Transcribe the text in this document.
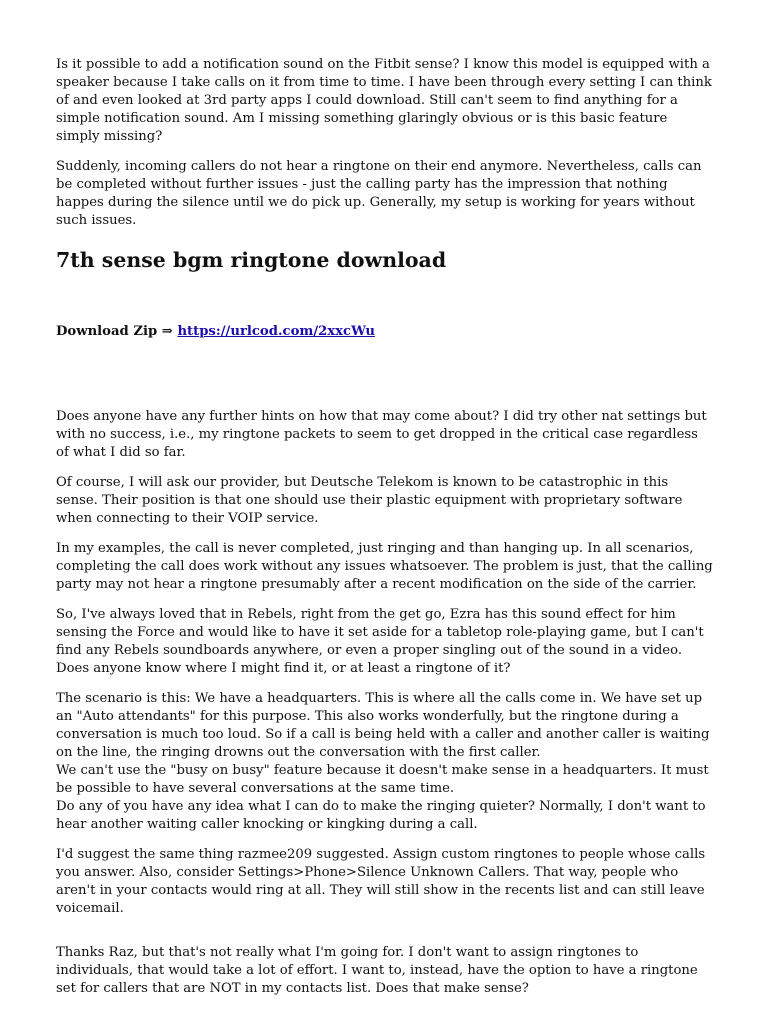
Is it possible to add a notification sound on the Fitbit sense? I know this model is equipped with a speaker because I take calls on it from time to time. I have been through every setting I can think of and even looked at 3rd party apps I could download. Still can't seem to find anything for a simple notification sound. Am I missing something glaringly obvious or is this basic feature simply missing?

Suddenly, incoming callers do not hear a ringtone on their end anymore. Nevertheless, calls can be completed without further issues - just the calling party has the impression that nothing happes during the silence until we do pick up. Generally, my setup is working for years without such issues.

7th sense bgm ringtone download

Download Zip ⇒ https://urlcod.com/2xxcWu

Does anyone have any further hints on how that may come about? I did try other nat settings but with no success, i.e., my ringtone packets to seem to get dropped in the critical case regardless of what I did so far.

Of course, I will ask our provider, but Deutsche Telekom is known to be catastrophic in this sense. Their position is that one should use their plastic equipment with proprietary software when connecting to their VOIP service.

In my examples, the call is never completed, just ringing and than hanging up. In all scenarios, completing the call does work without any issues whatsoever. The problem is just, that the calling party may not hear a ringtone presumably after a recent modification on the side of the carrier.

So, I've always loved that in Rebels, right from the get go, Ezra has this sound effect for him sensing the Force and would like to have it set aside for a tabletop role-playing game, but I can't find any Rebels soundboards anywhere, or even a proper singling out of the sound in a video. Does anyone know where I might find it, or at least a ringtone of it?

The scenario is this: We have a headquarters. This is where all the calls come in. We have set up an "Auto attendants" for this purpose. This also works wonderfully, but the ringtone during a conversation is much too loud. So if a call is being held with a caller and another caller is waiting on the line, the ringing drowns out the conversation with the first caller.
We can't use the "busy on busy" feature because it doesn't make sense in a headquarters. It must be possible to have several conversations at the same time.
Do any of you have any idea what I can do to make the ringing quieter? Normally, I don't want to hear another waiting caller knocking or kingking during a call.

I'd suggest the same thing razmee209 suggested. Assign custom ringtones to people whose calls you answer. Also, consider Settings>Phone>Silence Unknown Callers. That way, people who aren't in your contacts would ring at all. They will still show in the recents list and can still leave voicemail.

Thanks Raz, but that's not really what I'm going for. I don't want to assign ringtones to individuals, that would take a lot of effort. I want to, instead, have the option to have a ringtone set for callers that are NOT in my contacts list. Does that make sense?
